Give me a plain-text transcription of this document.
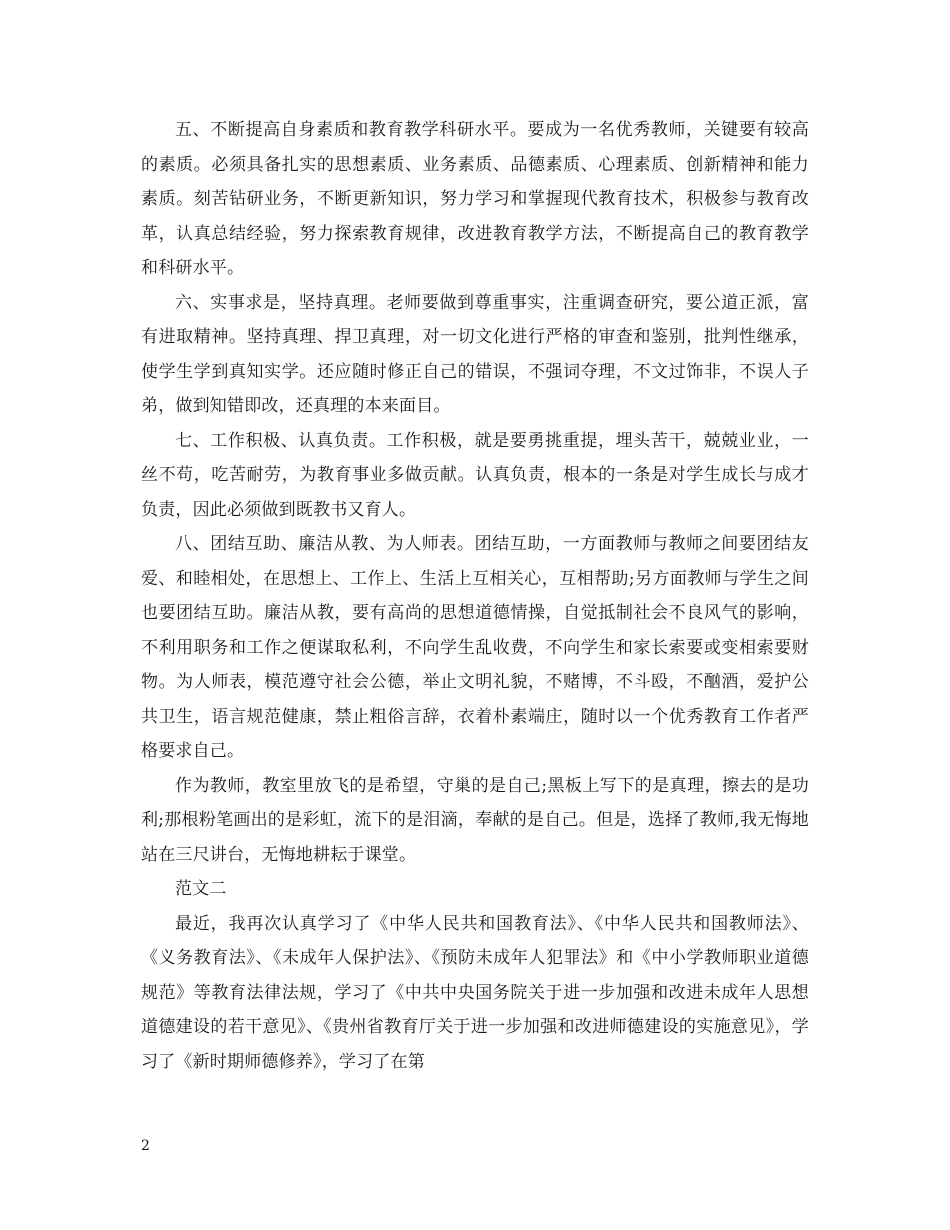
五、不断提高自身素质和教育教学科研水平。要成为一名优秀教师，关键要有较高的素质。必须具备扎实的思想素质、业务素质、品德素质、心理素质、创新精神和能力素质。刻苦钻研业务，不断更新知识，努力学习和掌握现代教育技术，积极参与教育改革，认真总结经验，努力探索教育规律，改进教育教学方法，不断提高自己的教育教学和科研水平。

六、实事求是，坚持真理。老师要做到尊重事实，注重调查研究，要公道正派，富有进取精神。坚持真理、捍卫真理，对一切文化进行严格的审查和鉴别，批判性继承，使学生学到真知实学。还应随时修正自己的错误，不强词夺理，不文过饰非，不误人子弟，做到知错即改，还真理的本来面目。

七、工作积极、认真负责。工作积极，就是要勇挑重提，埋头苦干，兢兢业业，一丝不苟，吃苦耐劳，为教育事业多做贡献。认真负责，根本的一条是对学生成长与成才负责，因此必须做到既教书又育人。

八、团结互助、廉洁从教、为人师表。团结互助，一方面教师与教师之间要团结友爱、和睦相处，在思想上、工作上、生活上互相关心，互相帮助;另方面教师与学生之间也要团结互助。廉洁从教，要有高尚的思想道德情操，自觉抵制社会不良风气的影响，不利用职务和工作之便谋取私利，不向学生乱收费，不向学生和家长索要或变相索要财物。为人师表，模范遵守社会公德，举止文明礼貌，不赌博，不斗殴，不酗酒，爱护公共卫生，语言规范健康，禁止粗俗言辞，衣着朴素端庄，随时以一个优秀教育工作者严格要求自己。

作为教师，教室里放飞的是希望，守巢的是自己;黑板上写下的是真理，擦去的是功利;那根粉笔画出的是彩虹，流下的是泪滴，奉献的是自己。但是，选择了教师,我无悔地站在三尺讲台，无悔地耕耘于课堂。

范文二

最近，我再次认真学习了《中华人民共和国教育法》、《中华人民共和国教师法》、《义务教育法》、《未成年人保护法》、《预防未成年人犯罪法》和《中小学教师职业道德规范》等教育法律法规，学习了《中共中央国务院关于进一步加强和改进未成年人思想道德建设的若干意见》、《贵州省教育厅关于进一步加强和改进师德建设的实施意见》，学习了《新时期师德修养》，学习了在第

2
